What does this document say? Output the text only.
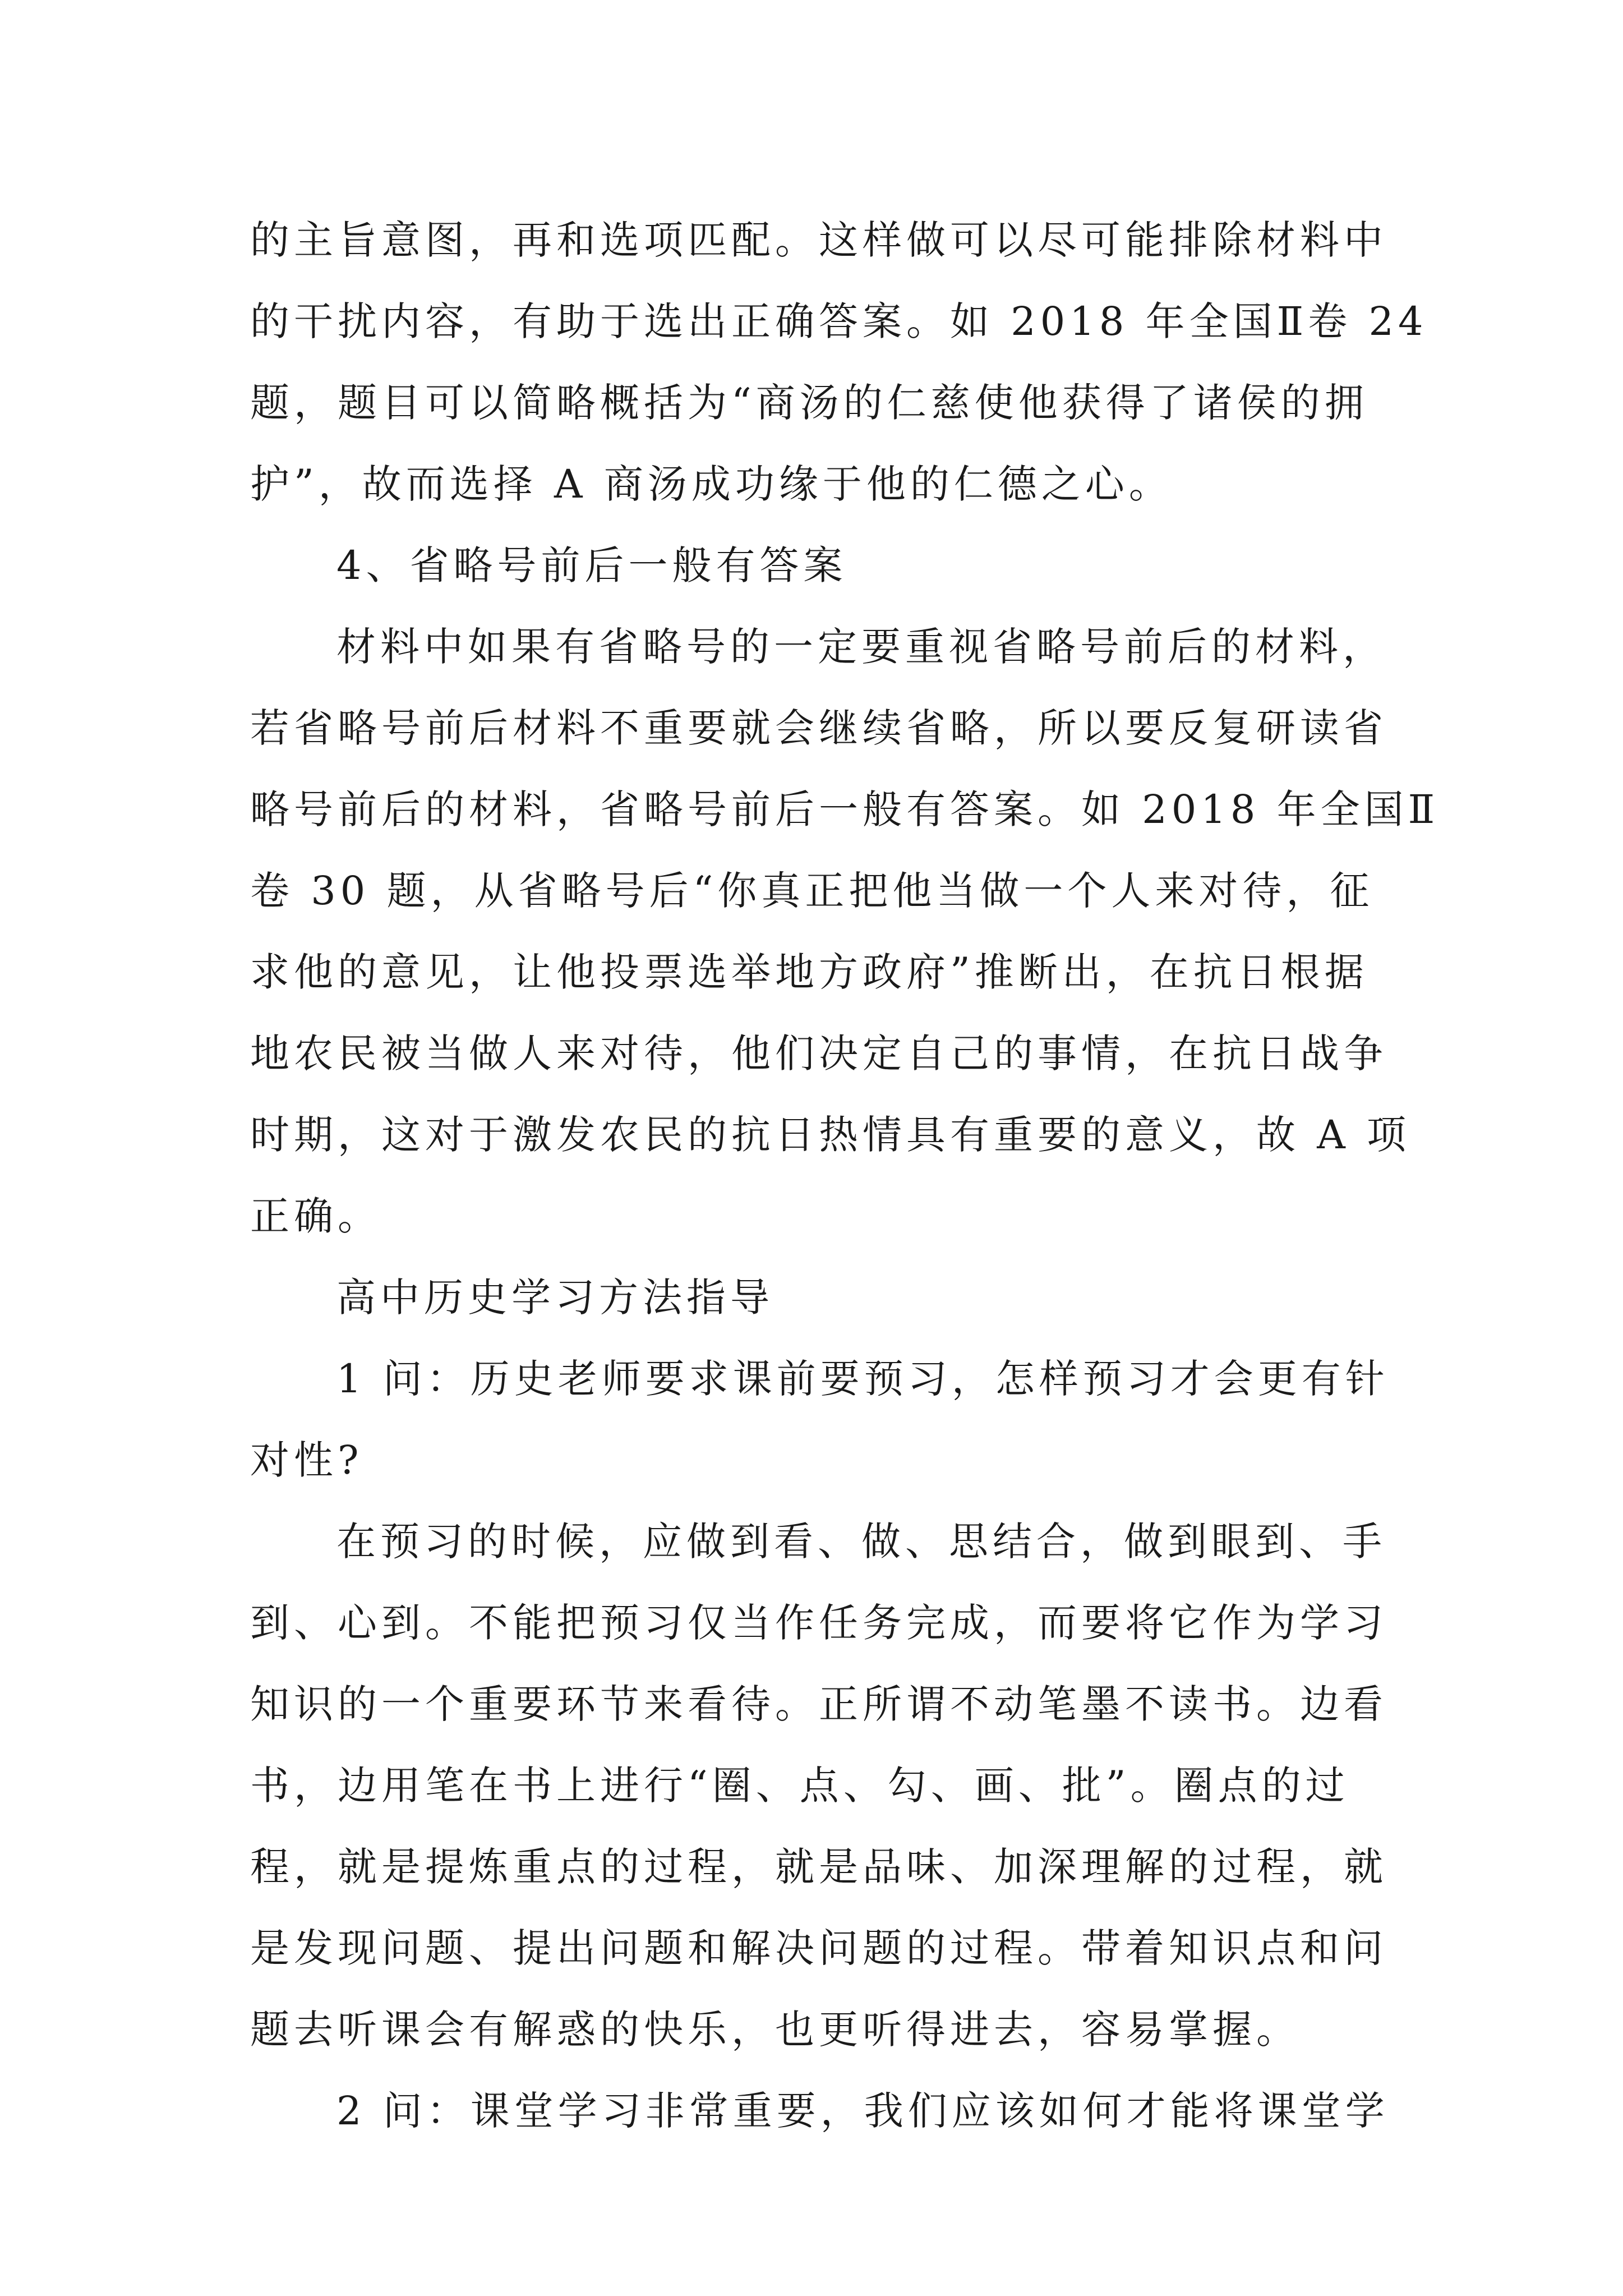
的主旨意图，再和选项匹配。这样做可以尽可能排除材料中
的干扰内容，有助于选出正确答案。如 2018 年全国Ⅱ卷 24
题，题目可以简略概括为“商汤的仁慈使他获得了诸侯的拥
护”，故而选择 A 商汤成功缘于他的仁德之心。
4、省略号前后一般有答案
材料中如果有省略号的一定要重视省略号前后的材料，
若省略号前后材料不重要就会继续省略，所以要反复研读省
略号前后的材料，省略号前后一般有答案。如 2018 年全国Ⅱ
卷 30 题，从省略号后“你真正把他当做一个人来对待，征
求他的意见，让他投票选举地方政府”推断出，在抗日根据
地农民被当做人来对待，他们决定自己的事情，在抗日战争
时期，这对于激发农民的抗日热情具有重要的意义，故 A 项
正确。
高中历史学习方法指导
1 问：历史老师要求课前要预习，怎样预习才会更有针
对性?
在预习的时候，应做到看、做、思结合，做到眼到、手
到、心到。不能把预习仅当作任务完成，而要将它作为学习
知识的一个重要环节来看待。正所谓不动笔墨不读书。边看
书，边用笔在书上进行“圈、点、勾、画、批”。圈点的过
程，就是提炼重点的过程，就是品味、加深理解的过程，就
是发现问题、提出问题和解决问题的过程。带着知识点和问
题去听课会有解惑的快乐，也更听得进去，容易掌握。
2 问：课堂学习非常重要，我们应该如何才能将课堂学
